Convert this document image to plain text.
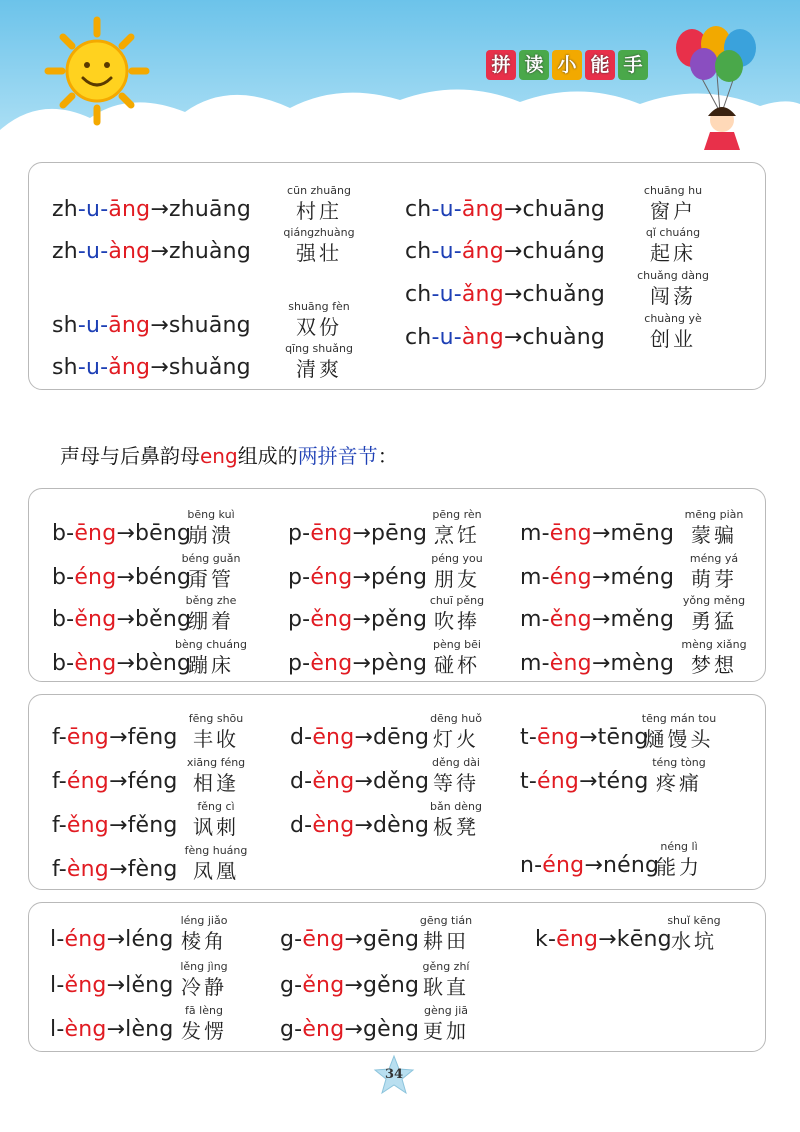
拼 读 小 能 手
声母与后鼻韵母eng组成的两拼音节：
zh-u-āng→zhuāng
cūn zhuāng
村庄
zh-u-àng→zhuàng
qiángzhuàng
强壮
sh-u-āng→shuāng
shuāng fèn
双份
sh-u-ǎng→shuǎng
qīng shuǎng
清爽
ch-u-āng→chuāng
chuāng hu
窗户
ch-u-áng→chuáng
qǐ chuáng
起床
ch-u-ǎng→chuǎng
chuǎng dàng
闯荡
ch-u-àng→chuàng
chuàng yè
创业
b-ēng→bēng
bēng kuì
崩溃
b-éng→béng
béng guǎn
甭管
b-ěng→běng
běng zhe
绷着
b-èng→bèng
bèng chuáng
蹦床
p-ēng→pēng
pēng rèn
烹饪
p-éng→péng
péng you
朋友
p-ěng→pěng
chuī pěng
吹捧
p-èng→pèng
pèng bēi
碰杯
m-ēng→mēng
mēng piàn
蒙骗
m-éng→méng
méng yá
萌芽
m-ěng→měng
yǒng měng
勇猛
m-èng→mèng
mèng xiǎng
梦想
f-ēng→fēng
fēng shōu
丰收
f-éng→féng
xiāng féng
相逢
f-ěng→fěng
fěng cì
讽刺
f-èng→fèng
fèng huáng
凤凰
d-ēng→dēng
dēng huǒ
灯火
d-ěng→děng
děng dài
等待
d-èng→dèng
bǎn dèng
板凳
t-ēng→tēng
tēng mán tou
熥馒头
t-éng→téng
téng tòng
疼痛
n-éng→néng
néng lì
能力
l-éng→léng
léng jiǎo
棱角
l-ěng→lěng
lěng jìng
冷静
l-èng→lèng
fā lèng
发愣
g-ēng→gēng
gēng tián
耕田
g-ěng→gěng
gěng zhí
耿直
g-èng→gèng
gèng jiā
更加
k-ēng→kēng
shuǐ kēng
水坑
34
